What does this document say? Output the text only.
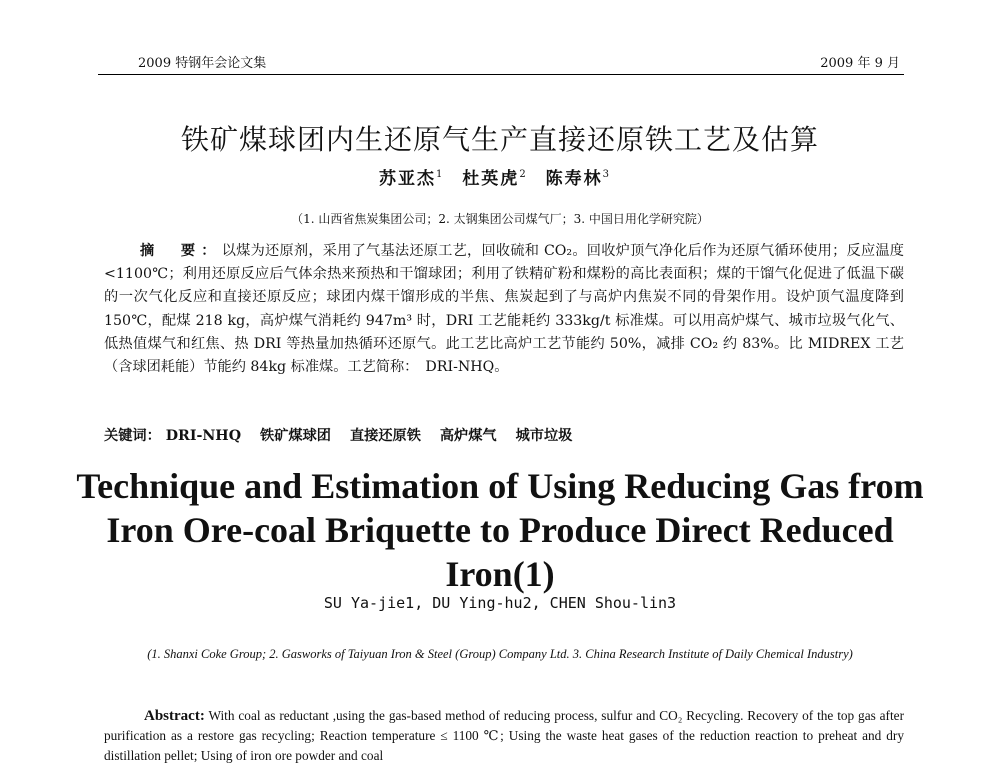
2009 特钢年会论文集	2009 年 9 月
铁矿煤球团内生还原气生产直接还原铁工艺及估算
苏亚杰$^1$ 杜英虎$^2$ 陈寿林$^3$
（1. 山西省焦炭集团公司；2. 太钢集团公司煤气厂；3. 中国日用化学研究院）

摘　要：以煤为还原剂，采用了气基法还原工艺，回收硫和 CO₂。回收炉顶气净化后作为还原气循环使用；反应温度<1100℃；利用还原反应后气体余热来预热和干馏球团；利用了铁精矿粉和煤粉的高比表面积；煤的干馏气化促进了低温下碳的一次气化反应和直接还原反应；球团内煤干馏形成的半焦、焦炭起到了与高炉内焦炭不同的骨架作用。设炉顶气温度降到 150℃，配煤 218 kg，高炉煤气消耗约 947m³ 时，DRI 工艺能耗约 333kg/t 标准煤。可以用高炉煤气、城市垃圾气化气、低热值煤气和红焦、热 DRI 等热量加热循环还原气。此工艺比高炉工艺节能约 50%，减排 CO₂ 约 83%。比 MIDREX 工艺（含球团耗能）节能约 84kg 标准煤。工艺简称：　DRI-NHQ。

关键词： DRI-NHQ 铁矿煤球团 直接还原铁 高炉煤气 城市垃圾
Technique and Estimation of Using Reducing Gas from Iron Ore-coal Briquette to Produce Direct Reduced Iron(1)
SU Ya-jie1, DU Ying-hu2, CHEN Shou-lin3
(1. Shanxi Coke Group; 2. Gasworks of Taiyuan Iron & Steel (Group) Company Ltd. 3. China Research Institute of Daily Chemical Industry)

Abstract: With coal as reductant ,using the gas-based method of reducing process, sulfur and CO₂ Recycling. Recovery of the top gas after purification as a restore gas recycling; Reaction temperature ≤ 1100 ℃; Using the waste heat gases of the reduction reaction to preheat and dry distillation pellet; Using of iron ore powder and coal
